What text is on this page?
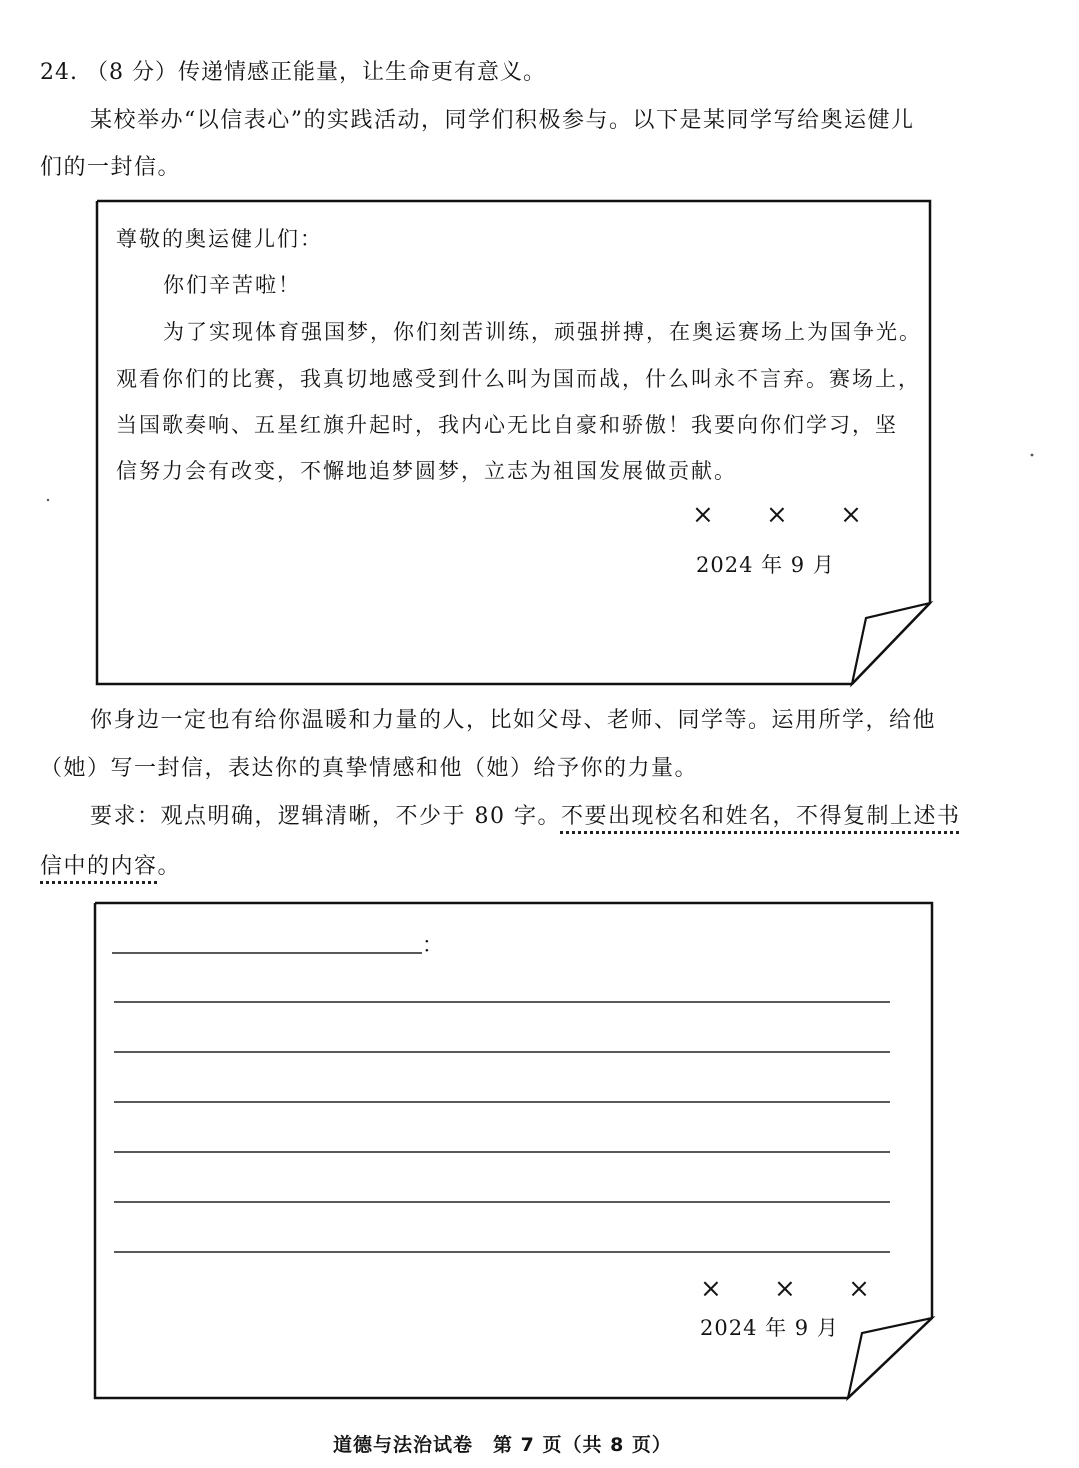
24. （8 分）传递情感正能量，让生命更有意义。
某校举办“以信表心”的实践活动，同学们积极参与。以下是某同学写给奥运健儿
们的一封信。
尊敬的奥运健儿们：
你们辛苦啦！
为了实现体育强国梦，你们刻苦训练，顽强拼搏，在奥运赛场上为国争光。
观看你们的比赛，我真切地感受到什么叫为国而战，什么叫永不言弃。赛场上，
当国歌奏响、五星红旗升起时，我内心无比自豪和骄傲！我要向你们学习，坚
信努力会有改变，不懈地追梦圆梦，立志为祖国发展做贡献。
× × ×
2024 年 9 月
你身边一定也有给你温暖和力量的人，比如父母、老师、同学等。运用所学，给他
（她）写一封信，表达你的真挚情感和他（她）给予你的力量。
要求：观点明确，逻辑清晰，不少于 80 字。不要出现校名和姓名，不得复制上述书
信中的内容。
：
× × ×
2024 年 9 月
道德与法治试卷　第 7 页（共 8 页）
